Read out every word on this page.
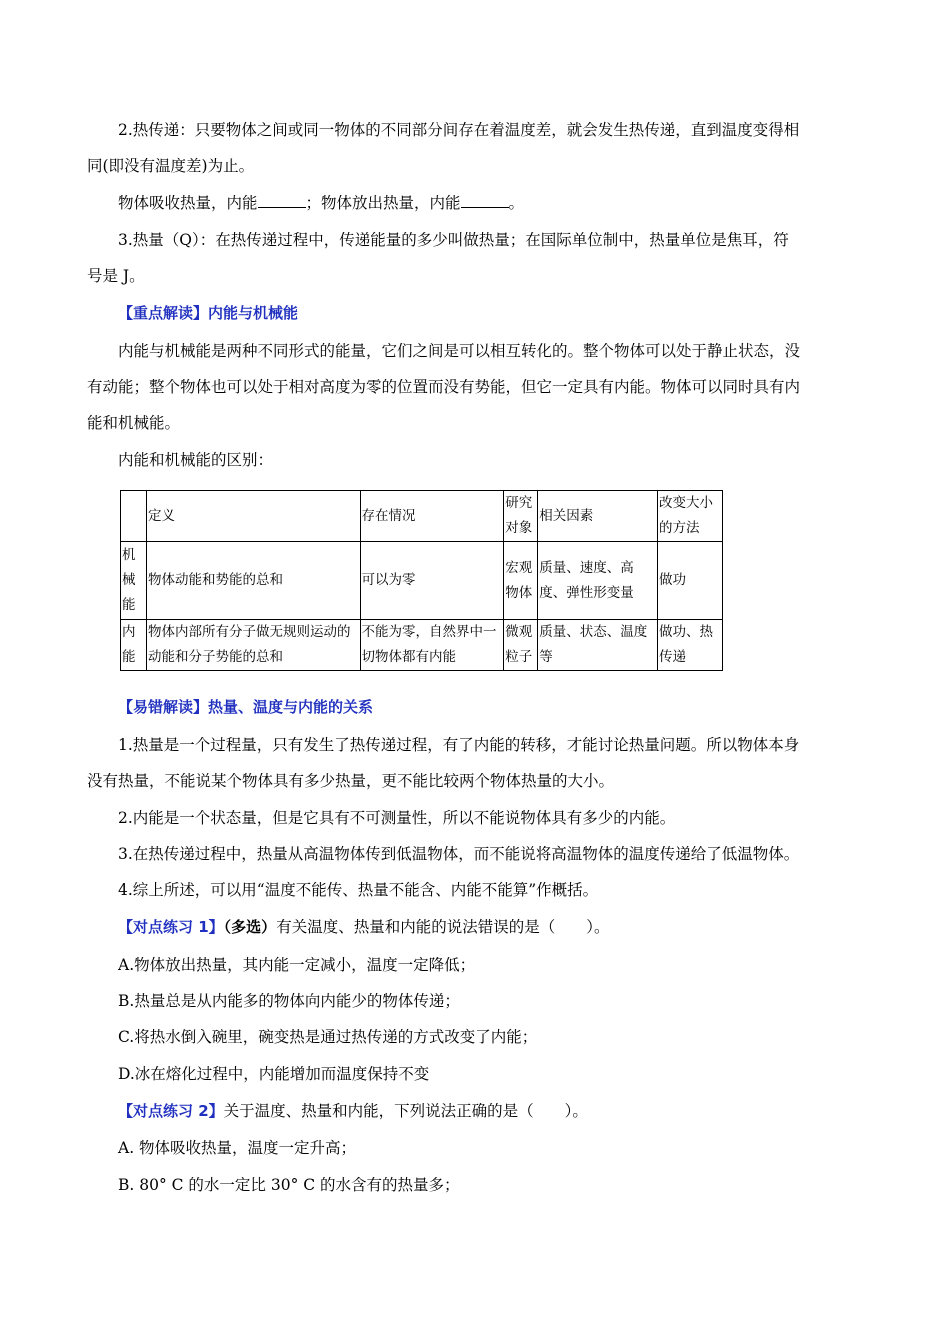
2.热传递：只要物体之间或同一物体的不同部分间存在着温度差，就会发生热传递，直到温度变得相
同(即没有温度差)为止。
物体吸收热量，内能	；物体放出热量，内能	。
3.热量（Q）：在热传递过程中，传递能量的多少叫做热量；在国际单位制中，热量单位是焦耳，符
号是 J。
【重点解读】内能与机械能
内能与机械能是两种不同形式的能量，它们之间是可以相互转化的。整个物体可以处于静止状态，没
有动能；整个物体也可以处于相对高度为零的位置而没有势能，但它一定具有内能。物体可以同时具有内
能和机械能。
内能和机械能的区别：
	定义	存在情况	研究对象	相关因素	改变大小的方法
机械能	物体动能和势能的总和	可以为零	宏观物体	质量、速度、高度、弹性形变量	做功
内能	物体内部所有分子做无规则运动的动能和分子势能的总和	不能为零，自然界中一切物体都有内能	微观粒子	质量、状态、温度等	做功、热传递
【易错解读】热量、温度与内能的关系
1.热量是一个过程量，只有发生了热传递过程，有了内能的转移，才能讨论热量问题。所以物体本身
没有热量，不能说某个物体具有多少热量，更不能比较两个物体热量的大小。
2.内能是一个状态量，但是它具有不可测量性，所以不能说物体具有多少的内能。
3.在热传递过程中，热量从高温物体传到低温物体，而不能说将高温物体的温度传递给了低温物体。
4.综上所述，可以用“温度不能传、热量不能含、内能不能算”作概括。
【对点练习 1】（多选）有关温度、热量和内能的说法错误的是（　　）。
A.物体放出热量，其内能一定减小，温度一定降低；
B.热量总是从内能多的物体向内能少的物体传递；
C.将热水倒入碗里，碗变热是通过热传递的方式改变了内能；
D.冰在熔化过程中，内能增加而温度保持不变
【对点练习 2】关于温度、热量和内能，下列说法正确的是（　　）。
A. 物体吸收热量，温度一定升高；
B. 80° C 的水一定比 30° C 的水含有的热量多；
